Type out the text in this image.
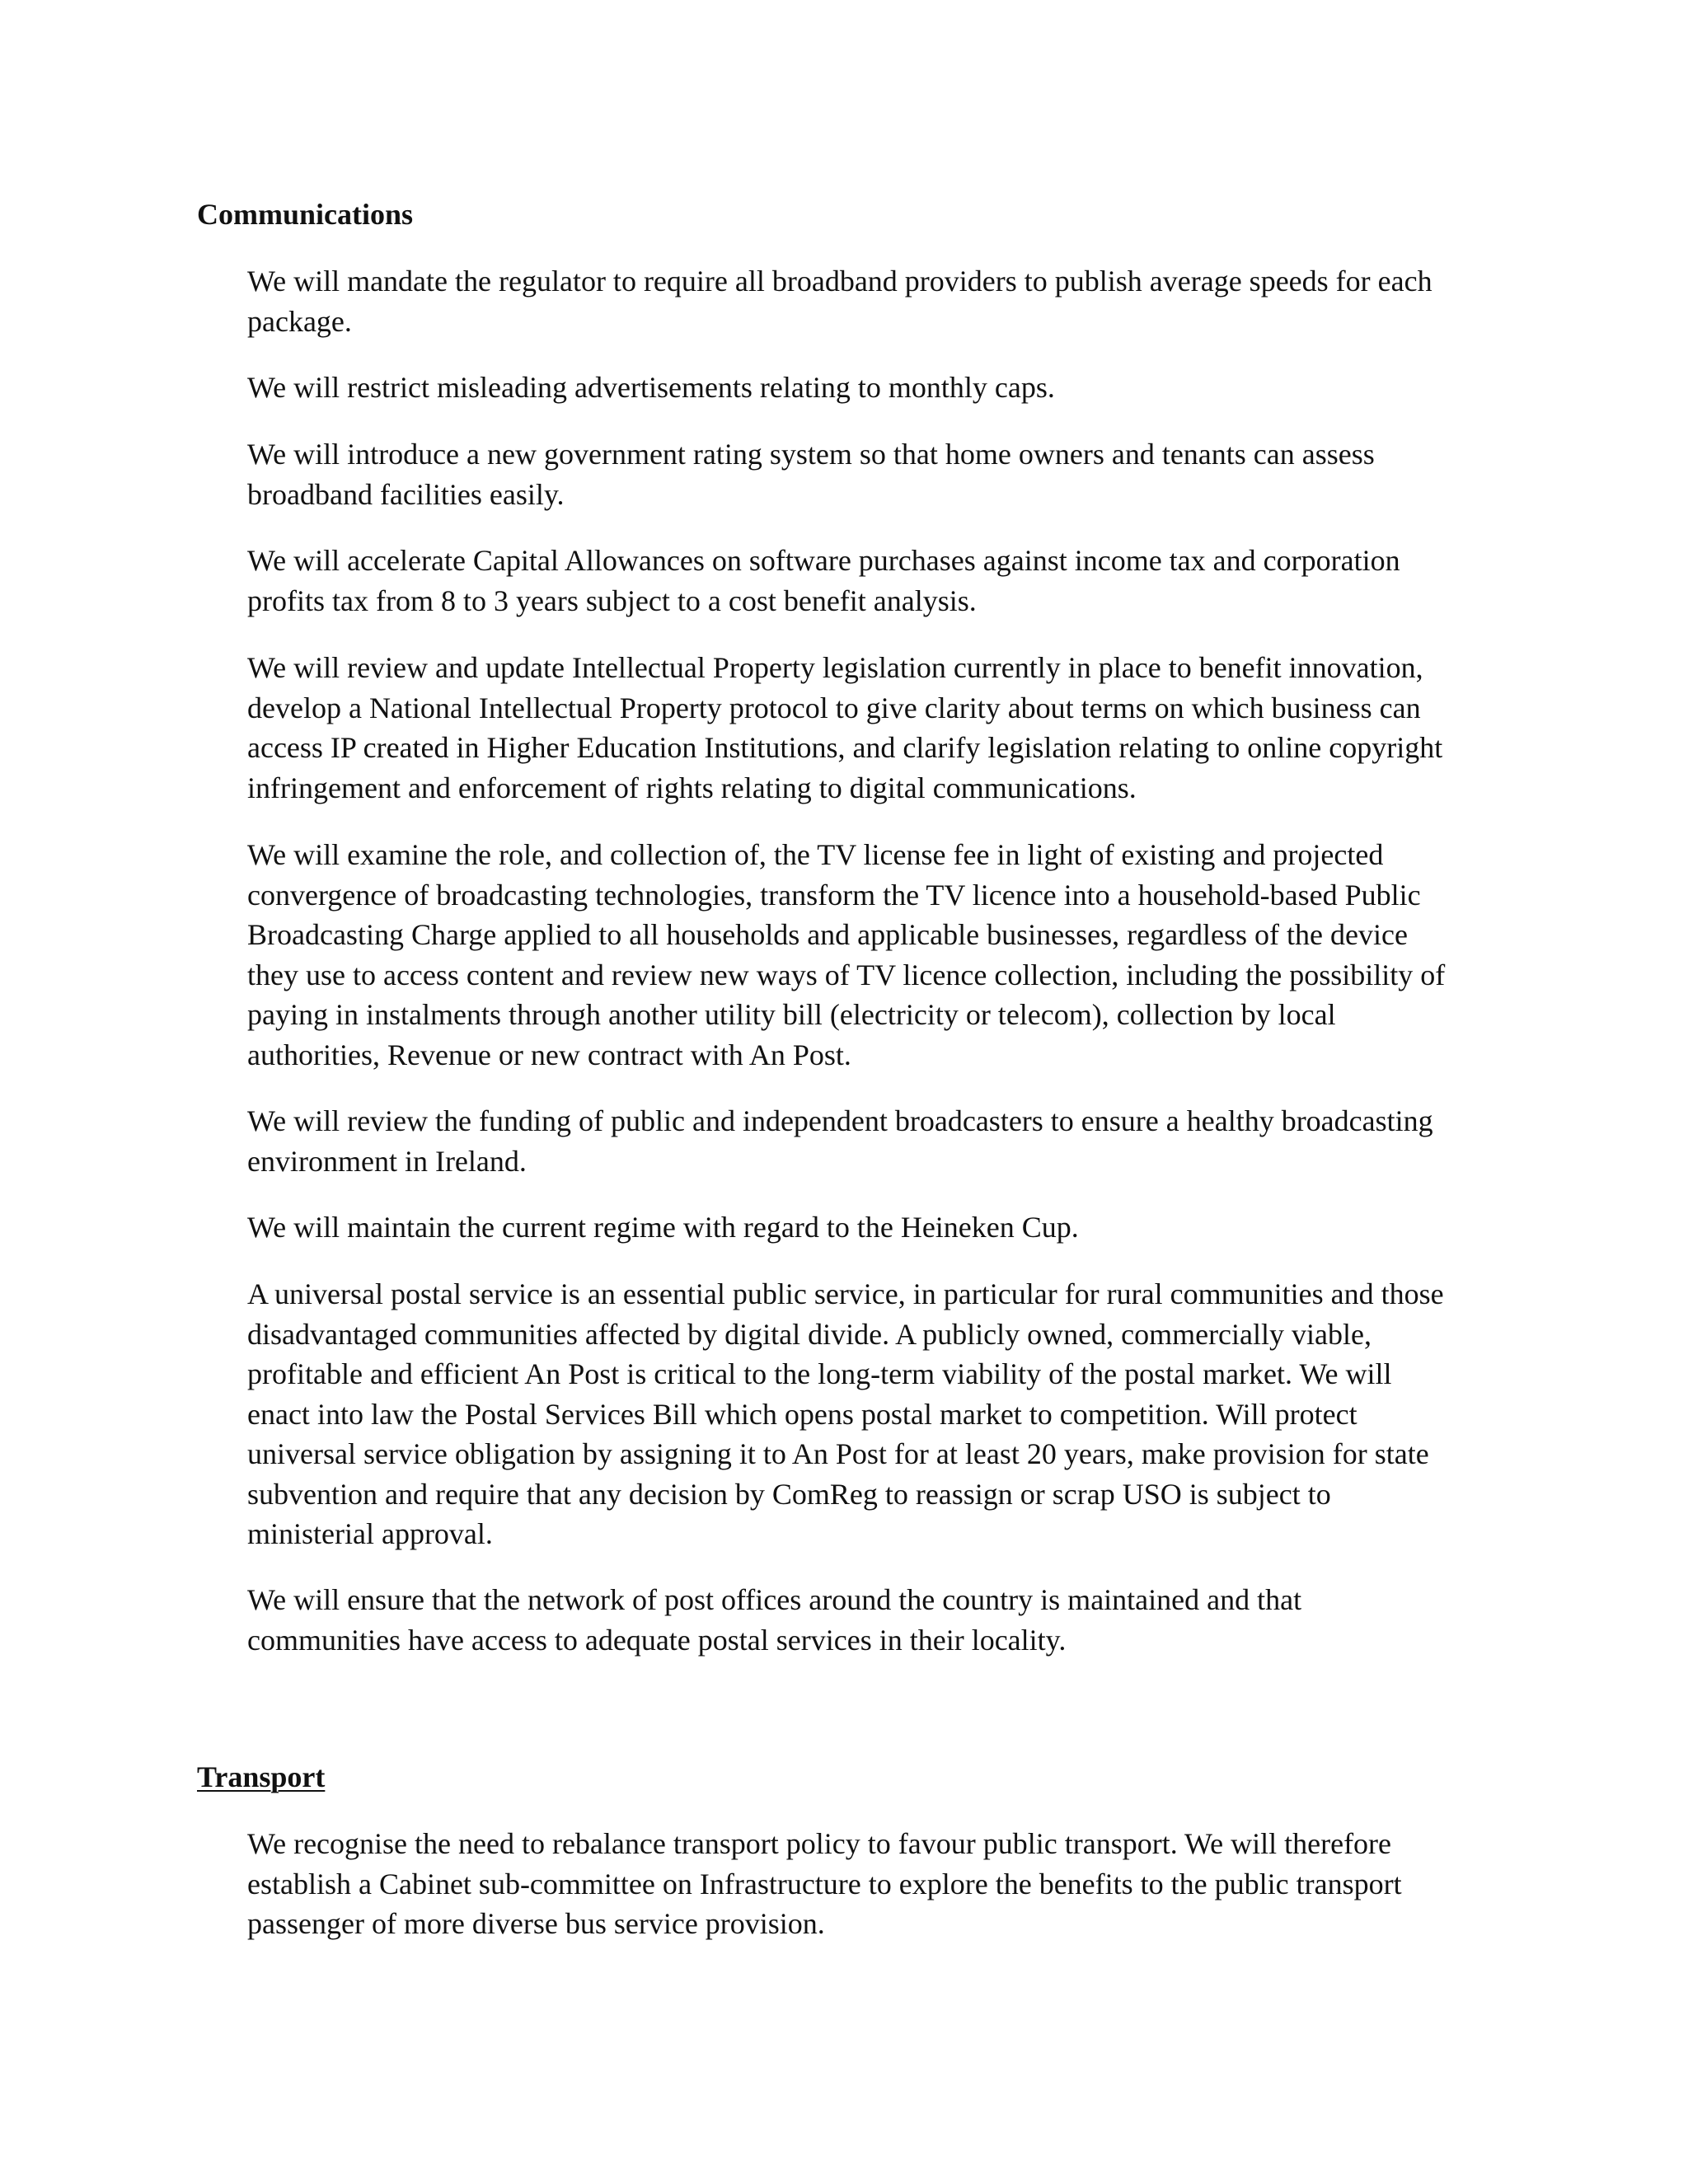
Communications

We will mandate the regulator to require all broadband providers to publish average speeds for each package.

We will restrict misleading advertisements relating to monthly caps.

We will introduce a new government rating system so that home owners and tenants can assess broadband facilities easily.

We will accelerate Capital Allowances on software purchases against income tax and corporation profits tax from 8 to 3 years subject to a cost benefit analysis.

We will review and update Intellectual Property legislation currently in place to benefit innovation, develop a National Intellectual Property protocol to give clarity about terms on which business can access IP created in Higher Education Institutions, and clarify legislation relating to online copyright infringement and enforcement of rights relating to digital communications.

We will examine the role, and collection of, the TV license fee in light of existing and projected convergence of broadcasting technologies, transform the TV licence into a household-based Public Broadcasting Charge applied to all households and applicable businesses, regardless of the device they use to access content and review new ways of TV licence collection, including the possibility of paying in instalments through another utility bill (electricity or telecom), collection by local authorities, Revenue or new contract with An Post.

We will review the funding of public and independent broadcasters to ensure a healthy broadcasting environment in Ireland.

We will maintain the current regime with regard to the Heineken Cup.

A universal postal service is an essential public service, in particular for rural communities and those disadvantaged communities affected by digital divide. A publicly owned, commercially viable, profitable and efficient An Post is critical to the long-term viability of the postal market. We will enact into law the Postal Services Bill which opens postal market to competition. Will protect universal service obligation by assigning it to An Post for at least 20 years, make provision for state subvention and require that any decision by ComReg to reassign or scrap USO is subject to ministerial approval.

We will ensure that the network of post offices around the country is maintained and that communities have access to adequate postal services in their locality.

Transport

We recognise the need to rebalance transport policy to favour public transport. We will therefore establish a Cabinet sub-committee on Infrastructure to explore the benefits to the public transport passenger of more diverse bus service provision.
